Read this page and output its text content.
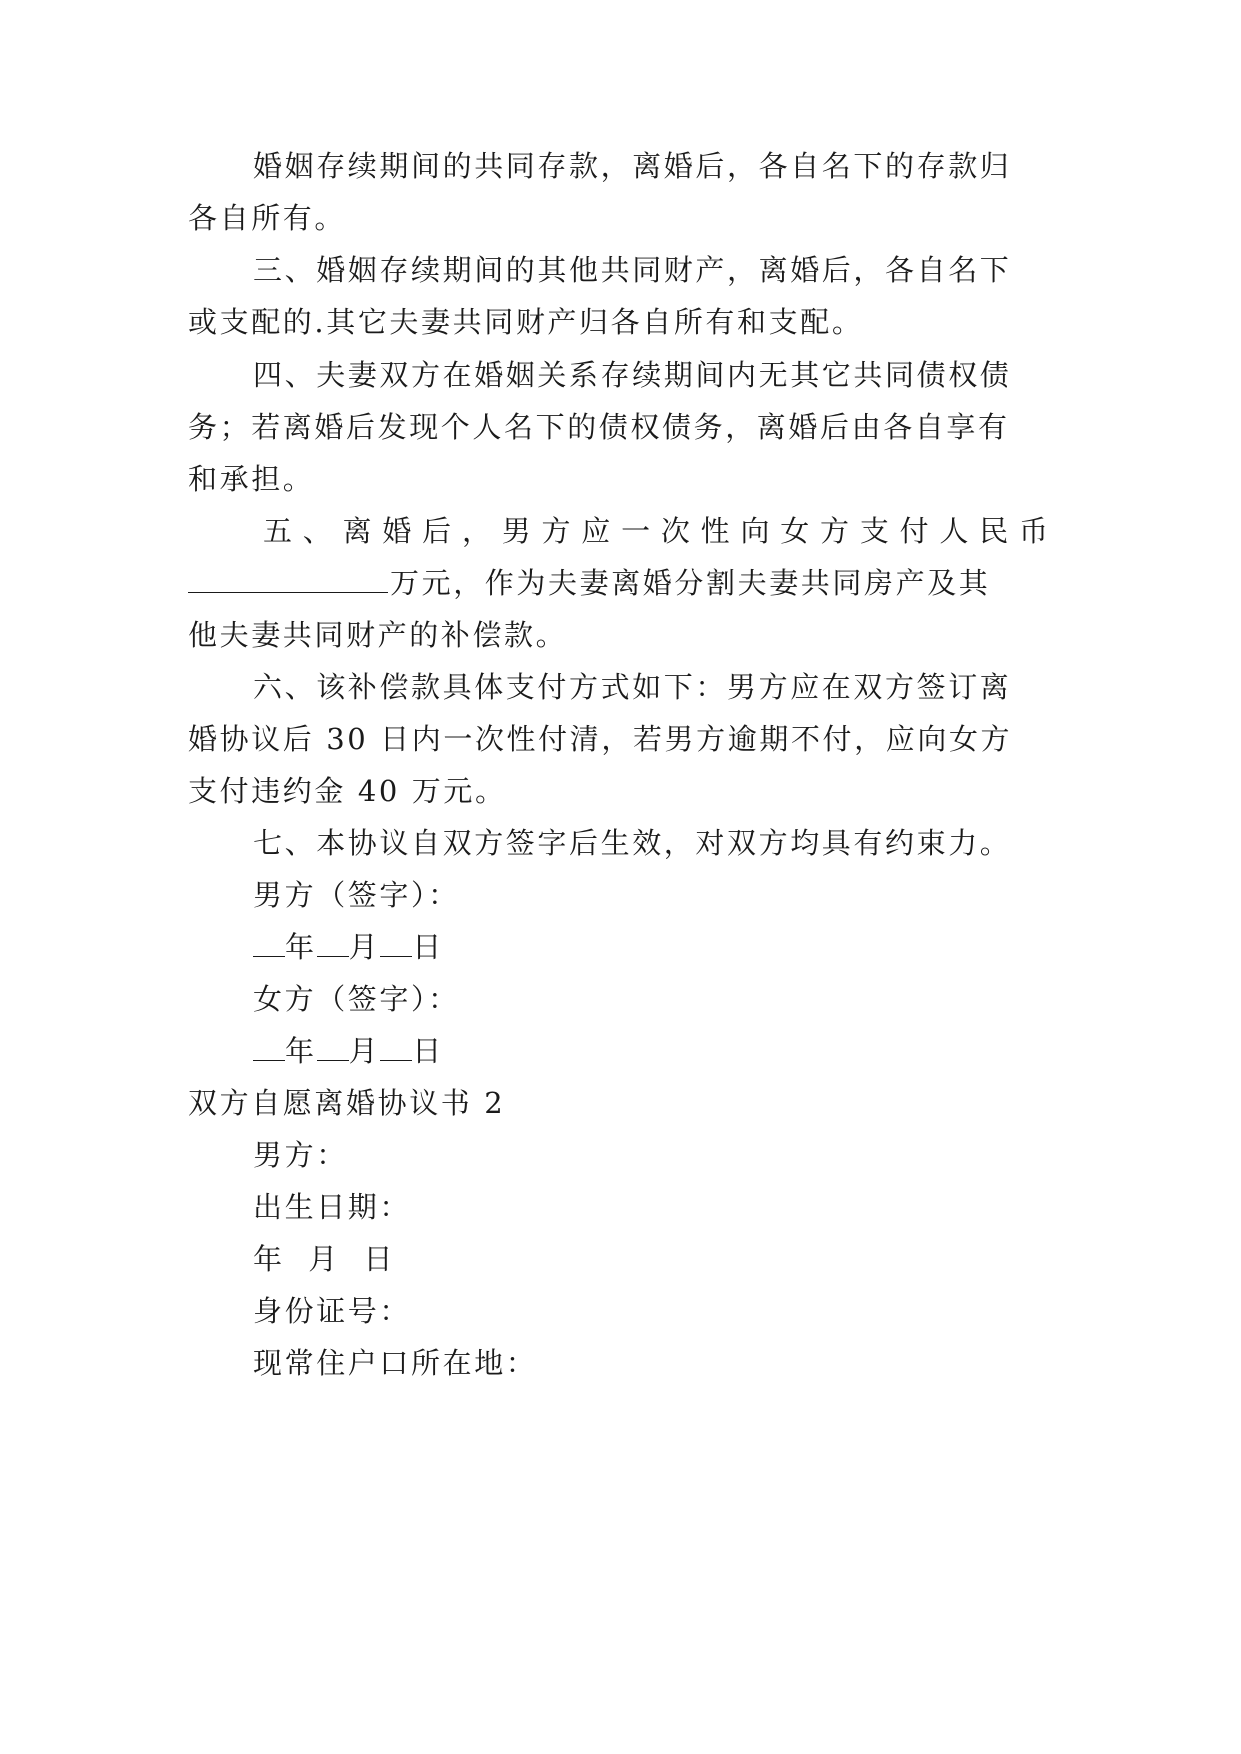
婚姻存续期间的共同存款，离婚后，各自名下的存款归
各自所有。
三、婚姻存续期间的其他共同财产，离婚后，各自名下
或支配的.其它夫妻共同财产归各自所有和支配。
四、夫妻双方在婚姻关系存续期间内无其它共同债权债
务；若离婚后发现个人名下的债权债务，离婚后由各自享有
和承担。
五、离婚后，男方应一次性向女方支付人民币
万元，作为夫妻离婚分割夫妻共同房产及其
他夫妻共同财产的补偿款。
六、该补偿款具体支付方式如下：男方应在双方签订离
婚协议后 30 日内一次性付清，若男方逾期不付，应向女方
支付违约金 40 万元。
七、本协议自双方签字后生效，对双方均具有约束力。
男方（签字）：
年 月 日
女方（签字）：
年 月 日
双方自愿离婚协议书 2
男方：
出生日期：
年  月  日
身份证号：
现常住户口所在地：
